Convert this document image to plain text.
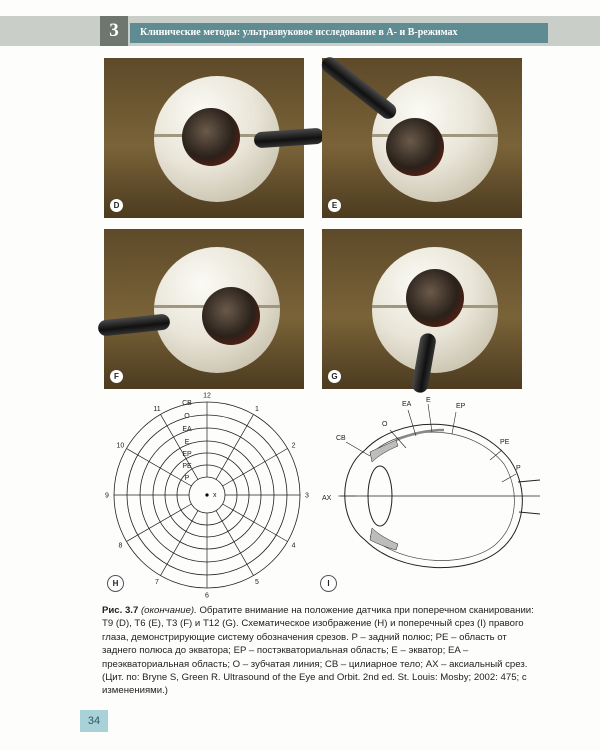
3	Клинические методы: ультразвуковое исследование в А- и В-режимах
D	E
F	G
12
1
2
3
4
5
6
7
8
9
10
11
CB
O
EA
E
EP
PE
P
x
H
O
EA
E
EP
CB
PE
P
AX
I
Рис. 3.7 (окончание). Обратите внимание на положение датчика при поперечном сканировании: T9 (D), T6 (E), T3 (F) и T12 (G). Схематическое изображение (H) и поперечный срез (I) правого глаза, демонстрирующие систему обозначения срезов. P – задний полюс; PE – область от заднего полюса до экватора; EP – постэкваториальная область; E – экватор; EA – преэкваториальная область; O – зубчатая линия; CB – цилиарное тело; AX – аксиальный срез. (Цит. по: Bryne S, Green R. Ultrasound of the Eye and Orbit. 2nd ed. St. Louis: Mosby; 2002: 475; с изменениями.)
34
